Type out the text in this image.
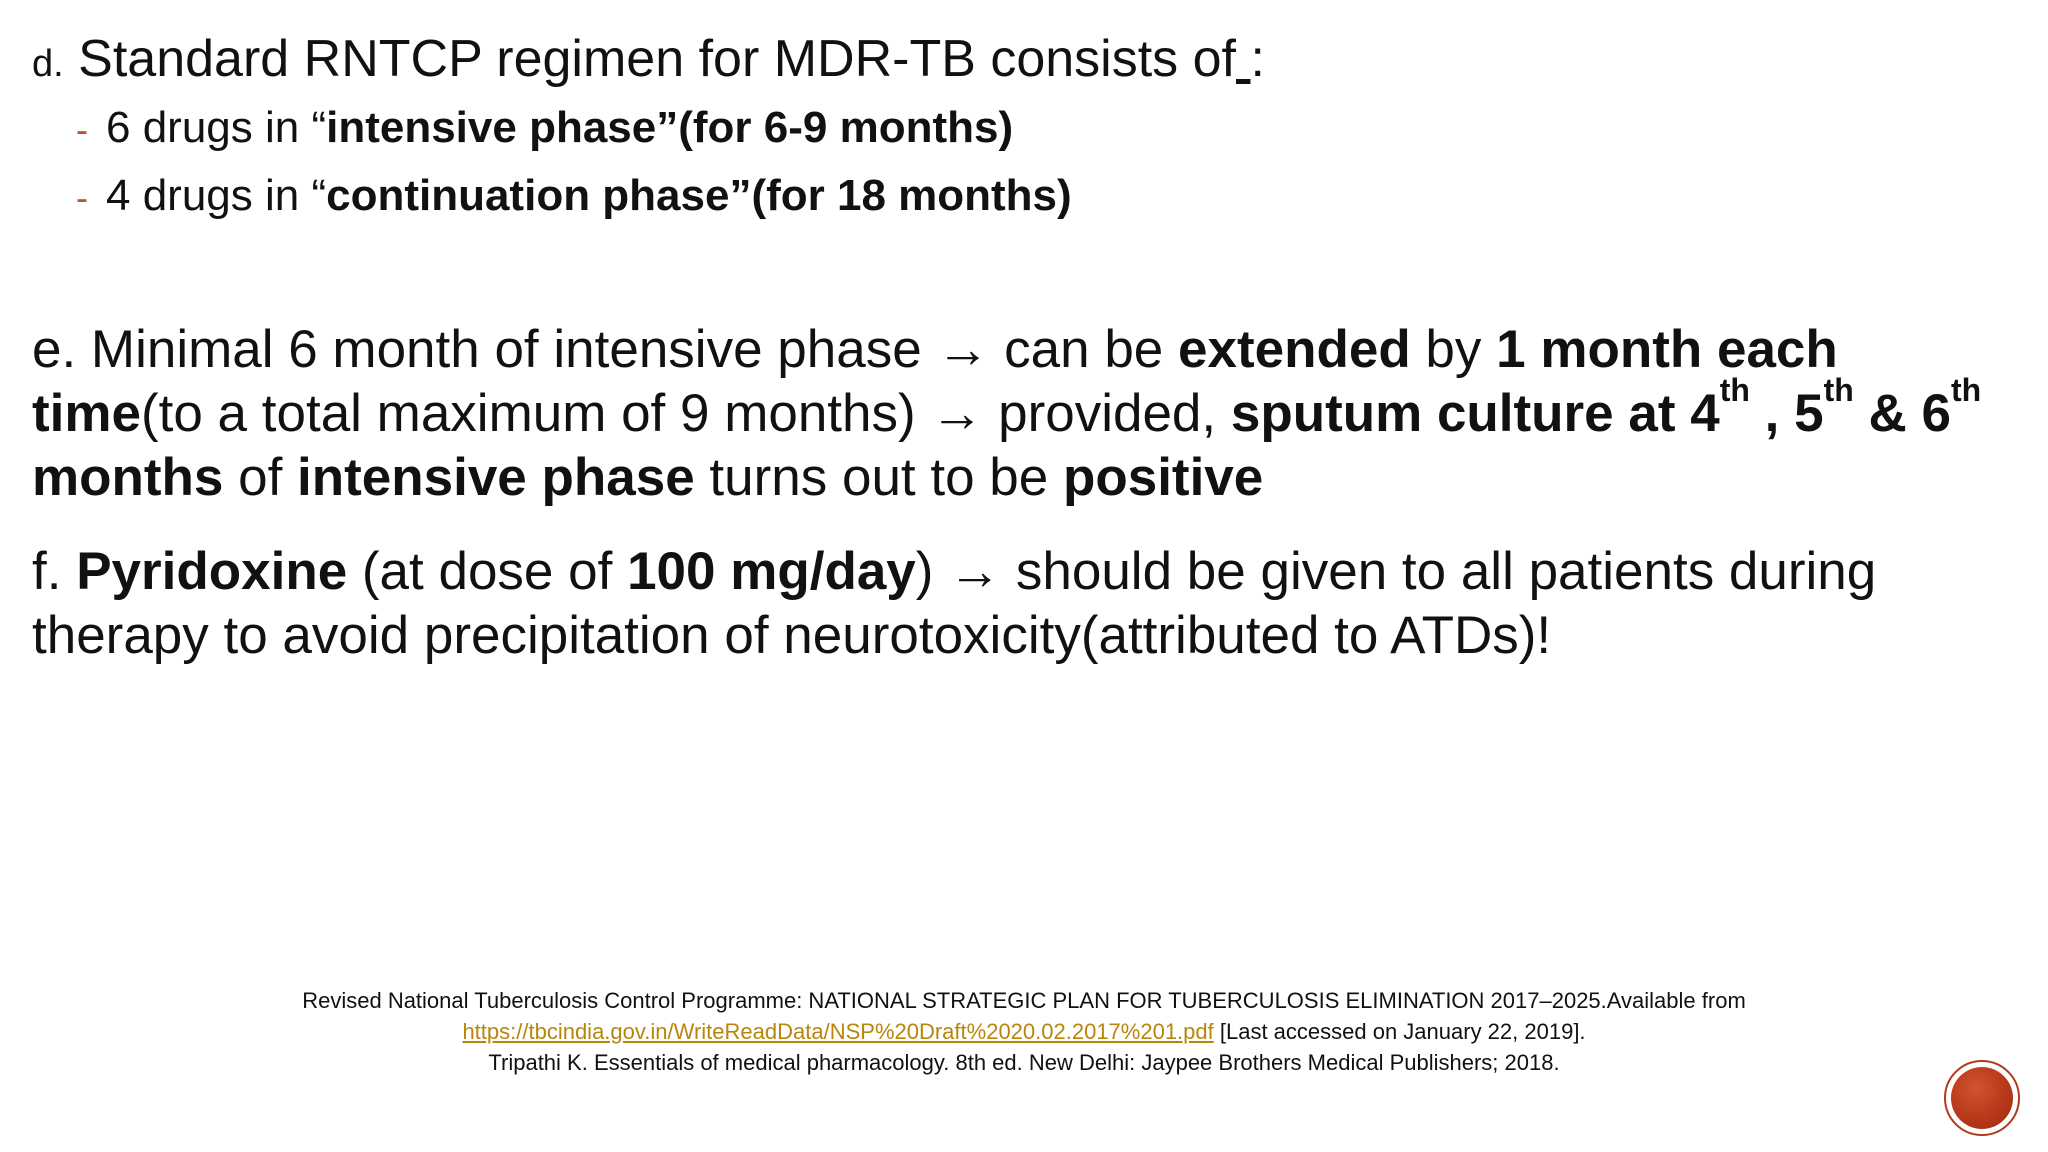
d. Standard RNTCP regimen for MDR-TB consists of :
- 6 drugs in “intensive phase”(for 6-9 months)
- 4 drugs in “continuation phase”(for 18 months)
e. Minimal 6 month of intensive phase → can be extended by 1 month each time(to a total maximum of 9 months) → provided, sputum culture at 4th , 5th & 6th months of intensive phase turns out to be positive
f. Pyridoxine (at dose of 100 mg/day) → should be given to all patients during therapy to avoid precipitation of neurotoxicity(attributed to ATDs)!
Revised National Tuberculosis Control Programme: NATIONAL STRATEGIC PLAN FOR TUBERCULOSIS ELIMINATION 2017–2025.Available from
https://tbcindia.gov.in/WriteReadData/NSP%20Draft%2020.02.2017%201.pdf [Last accessed on January 22, 2019].
Tripathi K. Essentials of medical pharmacology. 8th ed. New Delhi: Jaypee Brothers Medical Publishers; 2018.
